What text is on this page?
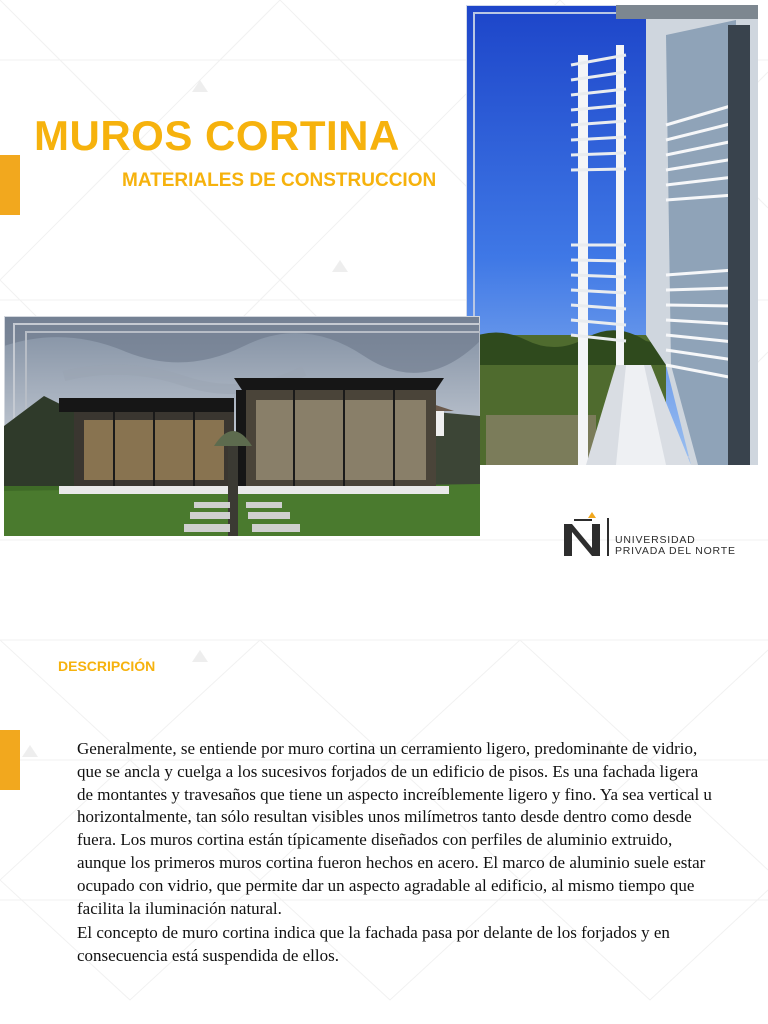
MUROS CORTINA
MATERIALES DE CONSTRUCCION
UNIVERSIDAD
PRIVADA DEL NORTE
DESCRIPCIÓN

Generalmente, se entiende por muro cortina un cerramiento ligero, predominante de vidrio, que se ancla y cuelga a los sucesivos forjados de un edificio de pisos. Es una fachada ligera de montantes y travesaños que tiene un aspecto increíblemente ligero y fino. Ya sea vertical u horizontalmente, tan sólo resultan visibles unos milímetros tanto desde dentro como desde fuera. Los muros cortina están típicamente diseñados con perfiles de aluminio extruido, aunque los primeros muros cortina fueron hechos en acero. El marco de aluminio suele estar ocupado con vidrio, que permite dar un aspecto agradable al edificio, al mismo tiempo que facilita la iluminación natural.

El concepto de muro cortina indica que la fachada pasa por delante de los forjados y en consecuencia está suspendida de ellos.
